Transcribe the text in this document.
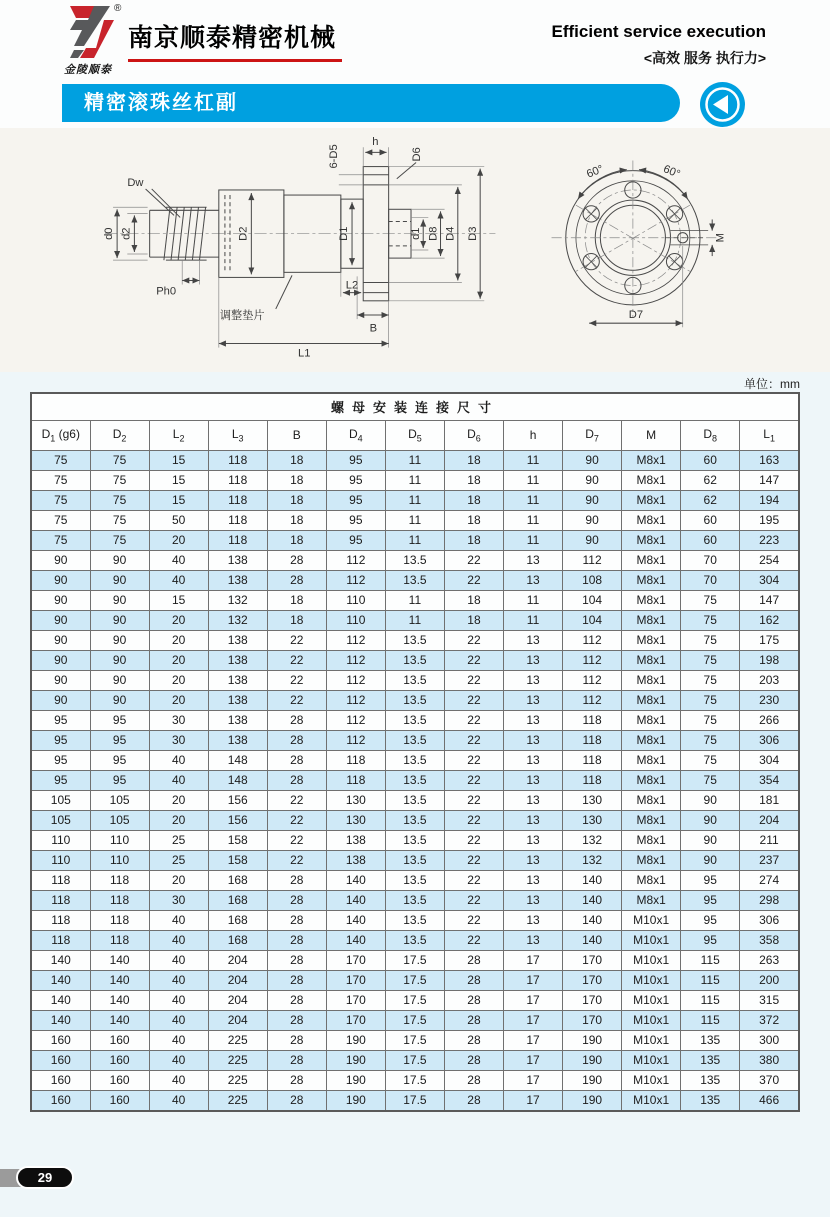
®
金陵顺泰
南京顺泰精密机械	Efficient service execution
<高效 服务 执行力>
精密滚珠丝杠副
Dw
d0 d2
Ph0
D2
调整垫片
6-D5
h
D6
D1	d1 D8 D4 D3
L2
B
L1
60°	60°
M
D7
单位：mm
螺母安装连接尺寸												
$D_1$ (g6)	$D_2$	$L_2$	$L_3$	B	$D_4$	$D_5$	$D_6$	h	$D_7$	M	$D_8$	$L_1$
75	75	15	118	18	95	11	18	11	90	M8x1	60	163
75	75	15	118	18	95	11	18	11	90	M8x1	62	147
75	75	15	118	18	95	11	18	11	90	M8x1	62	194
75	75	50	118	18	95	11	18	11	90	M8x1	60	195
75	75	20	118	18	95	11	18	11	90	M8x1	60	223
90	90	40	138	28	112	13.5	22	13	112	M8x1	70	254
90	90	40	138	28	112	13.5	22	13	108	M8x1	70	304
90	90	15	132	18	110	11	18	11	104	M8x1	75	147
90	90	20	132	18	110	11	18	11	104	M8x1	75	162
90	90	20	138	22	112	13.5	22	13	112	M8x1	75	175
90	90	20	138	22	112	13.5	22	13	112	M8x1	75	198
90	90	20	138	22	112	13.5	22	13	112	M8x1	75	203
90	90	20	138	22	112	13.5	22	13	112	M8x1	75	230
95	95	30	138	28	112	13.5	22	13	118	M8x1	75	266
95	95	30	138	28	112	13.5	22	13	118	M8x1	75	306
95	95	40	148	28	118	13.5	22	13	118	M8x1	75	304
95	95	40	148	28	118	13.5	22	13	118	M8x1	75	354
105	105	20	156	22	130	13.5	22	13	130	M8x1	90	181
105	105	20	156	22	130	13.5	22	13	130	M8x1	90	204
110	110	25	158	22	138	13.5	22	13	132	M8x1	90	211
110	110	25	158	22	138	13.5	22	13	132	M8x1	90	237
118	118	20	168	28	140	13.5	22	13	140	M8x1	95	274
118	118	30	168	28	140	13.5	22	13	140	M8x1	95	298
118	118	40	168	28	140	13.5	22	13	140	M10x1	95	306
118	118	40	168	28	140	13.5	22	13	140	M10x1	95	358
140	140	40	204	28	170	17.5	28	17	170	M10x1	115	263
140	140	40	204	28	170	17.5	28	17	170	M10x1	115	200
140	140	40	204	28	170	17.5	28	17	170	M10x1	115	315
140	140	40	204	28	170	17.5	28	17	170	M10x1	115	372
160	160	40	225	28	190	17.5	28	17	190	M10x1	135	300
160	160	40	225	28	190	17.5	28	17	190	M10x1	135	380
160	160	40	225	28	190	17.5	28	17	190	M10x1	135	370
160	160	40	225	28	190	17.5	28	17	190	M10x1	135	466
29
